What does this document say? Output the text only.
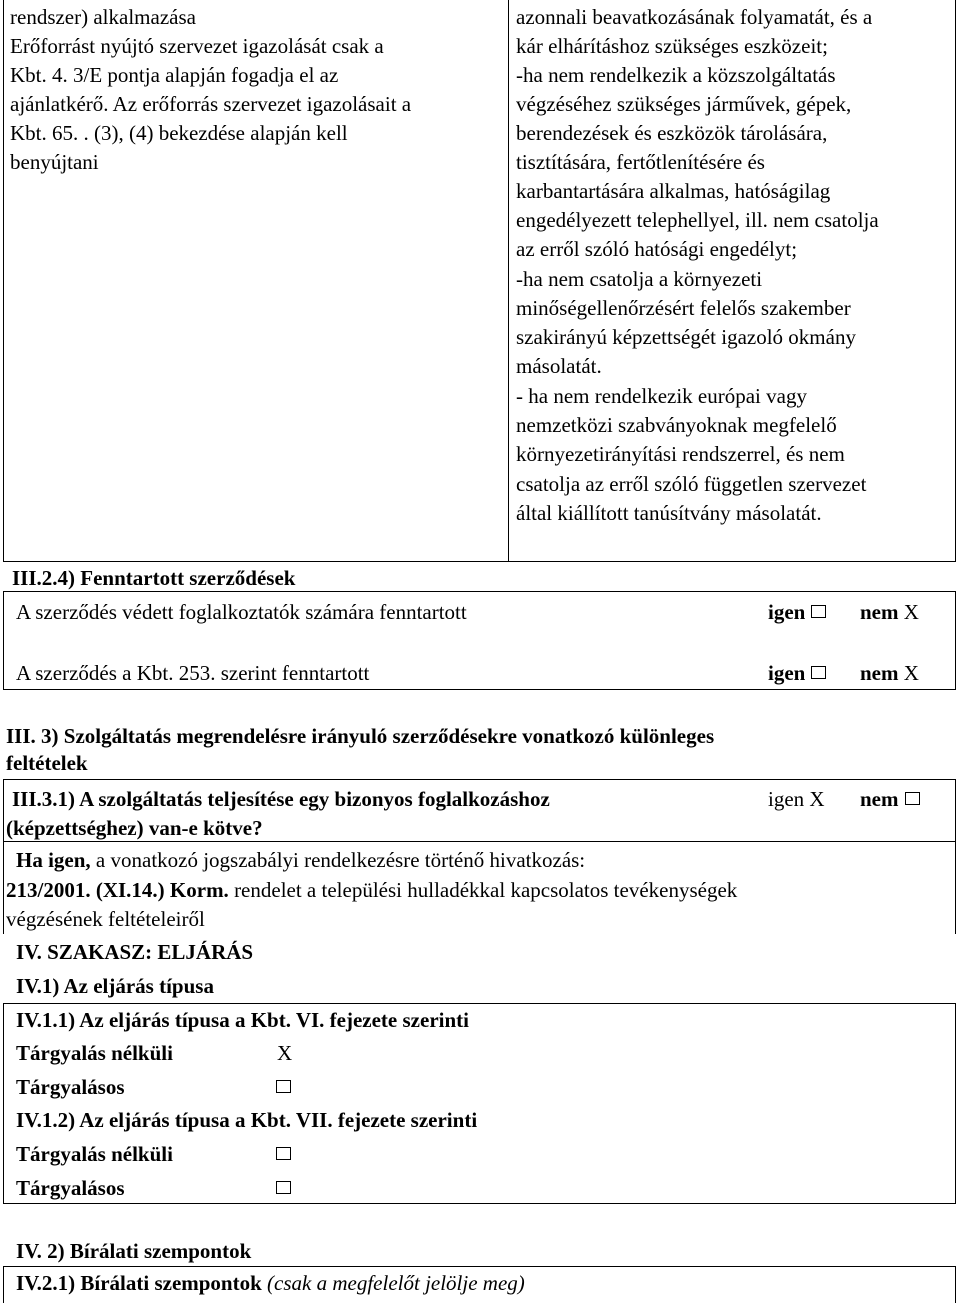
rendszer) alkalmazása
Erőforrást nyújtó szervezet igazolását csak a
Kbt. 4. 3/E pontja alapján fogadja el az
ajánlatkérő. Az erőforrás szervezet igazolásait a
Kbt. 65. . (3), (4) bekezdése alapján kell
benyújtani
azonnali beavatkozásának folyamatát, és a
kár elhárításhoz szükséges eszközeit;
-ha nem rendelkezik a közszolgáltatás
végzéséhez szükséges járművek, gépek,
berendezések és eszközök tárolására,
tisztítására, fertőtlenítésére és
karbantartására alkalmas, hatóságilag
engedélyezett telephellyel, ill. nem csatolja
az erről szóló hatósági engedélyt;
-ha nem csatolja a környezeti
minőségellenőrzésért felelős szakember
szakirányú képzettségét igazoló okmány
másolatát.
- ha nem rendelkezik európai vagy
nemzetközi szabványoknak megfelelő
környezetirányítási rendszerrel, és nem
csatolja az erről szóló független szervezet
által kiállított tanúsítvány másolatát.
III.2.4) Fenntartott szerződések
A szerződés védett foglalkoztatók számára fenntartott	igen	nem X
A szerződés a Kbt. 253. szerint fenntartott	igen	nem X
III. 3) Szolgáltatás megrendelésre irányuló szerződésekre vonatkozó különleges
feltételek
III.3.1) A szolgáltatás teljesítése egy bizonyos foglalkozáshoz
(képzettséghez) van-e kötve?
igen X nem
Ha igen, a vonatkozó jogszabályi rendelkezésre történő hivatkozás:
213/2001. (XI.14.) Korm. rendelet a települési hulladékkal kapcsolatos tevékenységek
végzésének feltételeiről
IV. SZAKASZ: ELJÁRÁS
IV.1) Az eljárás típusa
IV.1.1) Az eljárás típusa a Kbt. VI. fejezete szerinti
Tárgyalás nélküli	X
Tárgyalásos
IV.1.2) Az eljárás típusa a Kbt. VII. fejezete szerinti
Tárgyalás nélküli
Tárgyalásos
IV. 2) Bírálati szempontok
IV.2.1) Bírálati szempontok (csak a megfelelőt jelölje meg)
